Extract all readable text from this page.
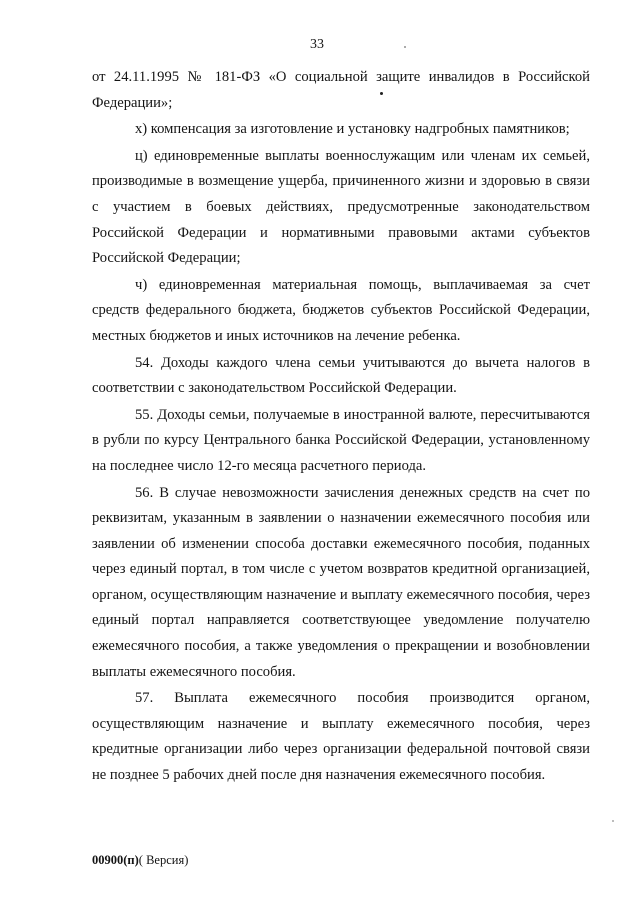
33

от 24.11.1995 № 181-ФЗ «О социальной защите инвалидов в Российской Федерации»;

х) компенсация за изготовление и установку надгробных памятников;

ц) единовременные выплаты военнослужащим или членам их семьей, производимые в возмещение ущерба, причиненного жизни и здоровью в связи с участием в боевых действиях, предусмотренные законодательством Российской Федерации и нормативными правовыми актами субъектов Российской Федерации;

ч) единовременная материальная помощь, выплачиваемая за счет средств федерального бюджета, бюджетов субъектов Российской Федерации, местных бюджетов и иных источников на лечение ребенка.

54. Доходы каждого члена семьи учитываются до вычета налогов в соответствии с законодательством Российской Федерации.

55. Доходы семьи, получаемые в иностранной валюте, пересчитываются в рубли по курсу Центрального банка Российской Федерации, установленному на последнее число 12-го месяца расчетного периода.

56. В случае невозможности зачисления денежных средств на счет по реквизитам, указанным в заявлении о назначении ежемесячного пособия или заявлении об изменении способа доставки ежемесячного пособия, поданных через единый портал, в том числе с учетом возвратов кредитной организацией, органом, осуществляющим назначение и выплату ежемесячного пособия, через единый портал направляется соответствующее уведомление получателю ежемесячного пособия, а также уведомления о прекращении и возобновлении выплаты ежемесячного пособия.

57. Выплата ежемесячного пособия производится органом, осуществляющим назначение и выплату ежемесячного пособия, через кредитные организации либо через организации федеральной почтовой связи не позднее 5 рабочих дней после дня назначения ежемесячного пособия.

00900(п)( Версия)
